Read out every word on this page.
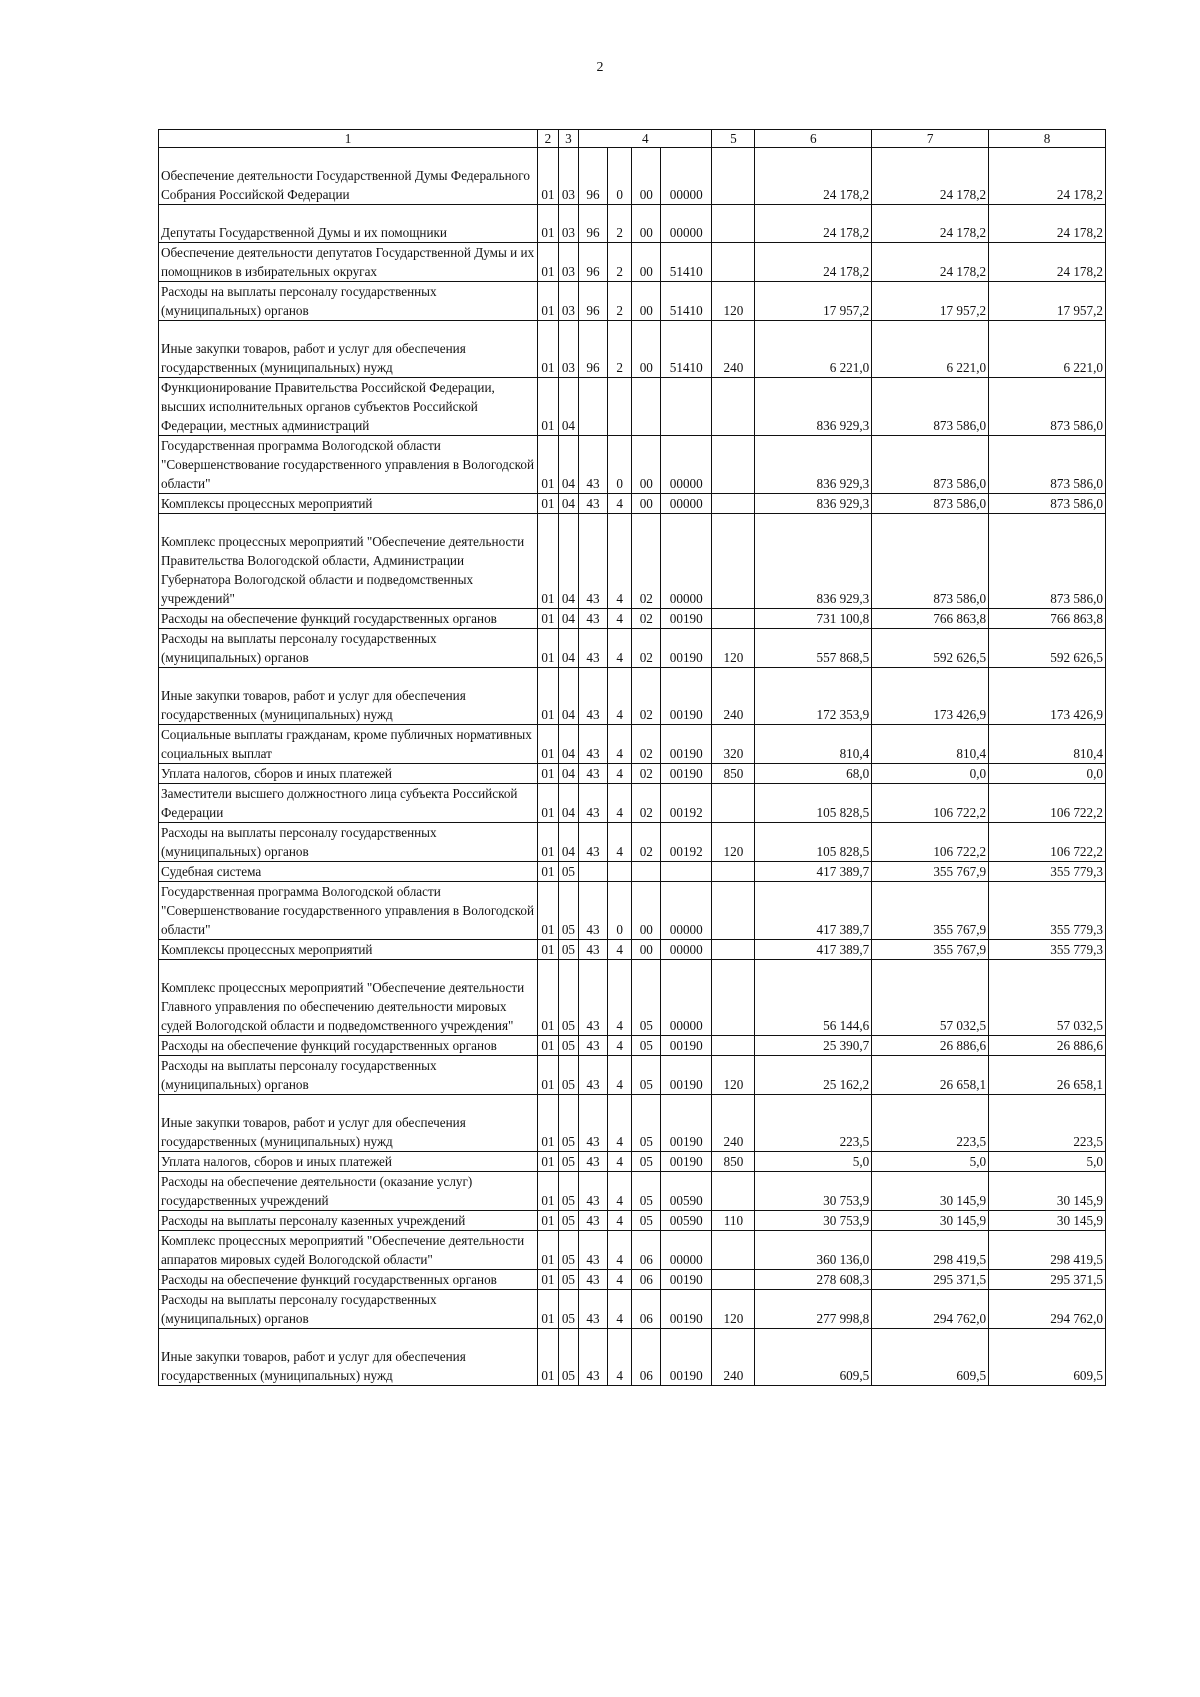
2
1	2	3	4				5	6	7	8
Обеспечение деятельности Государственной Думы Федерального Собрания Российской Федерации	01	03	96	0	00	00000		24 178,2	24 178,2	24 178,2
Депутаты Государственной Думы и их помощники	01	03	96	2	00	00000		24 178,2	24 178,2	24 178,2
Обеспечение деятельности депутатов Государственной Думы и их помощников в избирательных округах	01	03	96	2	00	51410		24 178,2	24 178,2	24 178,2
Расходы на выплаты персоналу государственных (муниципальных) органов	01	03	96	2	00	51410	120	17 957,2	17 957,2	17 957,2
Иные закупки товаров, работ и услуг для обеспечения государственных (муниципальных) нужд	01	03	96	2	00	51410	240	6 221,0	6 221,0	6 221,0
Функционирование Правительства Российской Федерации, высших исполнительных органов субъектов Российской Федерации, местных администраций	01	04						836 929,3	873 586,0	873 586,0
Государственная программа Вологодской области "Совершенствование государственного управления в Вологодской области"	01	04	43	0	00	00000		836 929,3	873 586,0	873 586,0
Комплексы процессных мероприятий	01	04	43	4	00	00000		836 929,3	873 586,0	873 586,0
Комплекс процессных мероприятий "Обеспечение деятельности Правительства Вологодской области, Администрации Губернатора Вологодской области и подведомственных учреждений"	01	04	43	4	02	00000		836 929,3	873 586,0	873 586,0
Расходы на обеспечение функций государственных органов	01	04	43	4	02	00190		731 100,8	766 863,8	766 863,8
Расходы на выплаты персоналу государственных (муниципальных) органов	01	04	43	4	02	00190	120	557 868,5	592 626,5	592 626,5
Иные закупки товаров, работ и услуг для обеспечения государственных (муниципальных) нужд	01	04	43	4	02	00190	240	172 353,9	173 426,9	173 426,9
Социальные выплаты гражданам, кроме публичных нормативных социальных выплат	01	04	43	4	02	00190	320	810,4	810,4	810,4
Уплата налогов, сборов и иных платежей	01	04	43	4	02	00190	850	68,0	0,0	0,0
Заместители высшего должностного лица субъекта Российской Федерации	01	04	43	4	02	00192		105 828,5	106 722,2	106 722,2
Расходы на выплаты персоналу государственных (муниципальных) органов	01	04	43	4	02	00192	120	105 828,5	106 722,2	106 722,2
Судебная система	01	05						417 389,7	355 767,9	355 779,3
Государственная программа Вологодской области "Совершенствование государственного управления в Вологодской области"	01	05	43	0	00	00000		417 389,7	355 767,9	355 779,3
Комплексы процессных мероприятий	01	05	43	4	00	00000		417 389,7	355 767,9	355 779,3
Комплекс процессных мероприятий "Обеспечение деятельности Главного управления по обеспечению деятельности мировых судей Вологодской области и подведомственного учреждения"	01	05	43	4	05	00000		56 144,6	57 032,5	57 032,5
Расходы на обеспечение функций государственных органов	01	05	43	4	05	00190		25 390,7	26 886,6	26 886,6
Расходы на выплаты персоналу государственных (муниципальных) органов	01	05	43	4	05	00190	120	25 162,2	26 658,1	26 658,1
Иные закупки товаров, работ и услуг для обеспечения государственных (муниципальных) нужд	01	05	43	4	05	00190	240	223,5	223,5	223,5
Уплата налогов, сборов и иных платежей	01	05	43	4	05	00190	850	5,0	5,0	5,0
Расходы на обеспечение деятельности (оказание услуг) государственных учреждений	01	05	43	4	05	00590		30 753,9	30 145,9	30 145,9
Расходы на выплаты персоналу казенных учреждений	01	05	43	4	05	00590	110	30 753,9	30 145,9	30 145,9
Комплекс процессных мероприятий "Обеспечение деятельности аппаратов мировых судей Вологодской области"	01	05	43	4	06	00000		360 136,0	298 419,5	298 419,5
Расходы на обеспечение функций государственных органов	01	05	43	4	06	00190		278 608,3	295 371,5	295 371,5
Расходы на выплаты персоналу государственных (муниципальных) органов	01	05	43	4	06	00190	120	277 998,8	294 762,0	294 762,0
Иные закупки товаров, работ и услуг для обеспечения государственных (муниципальных) нужд	01	05	43	4	06	00190	240	609,5	609,5	609,5
